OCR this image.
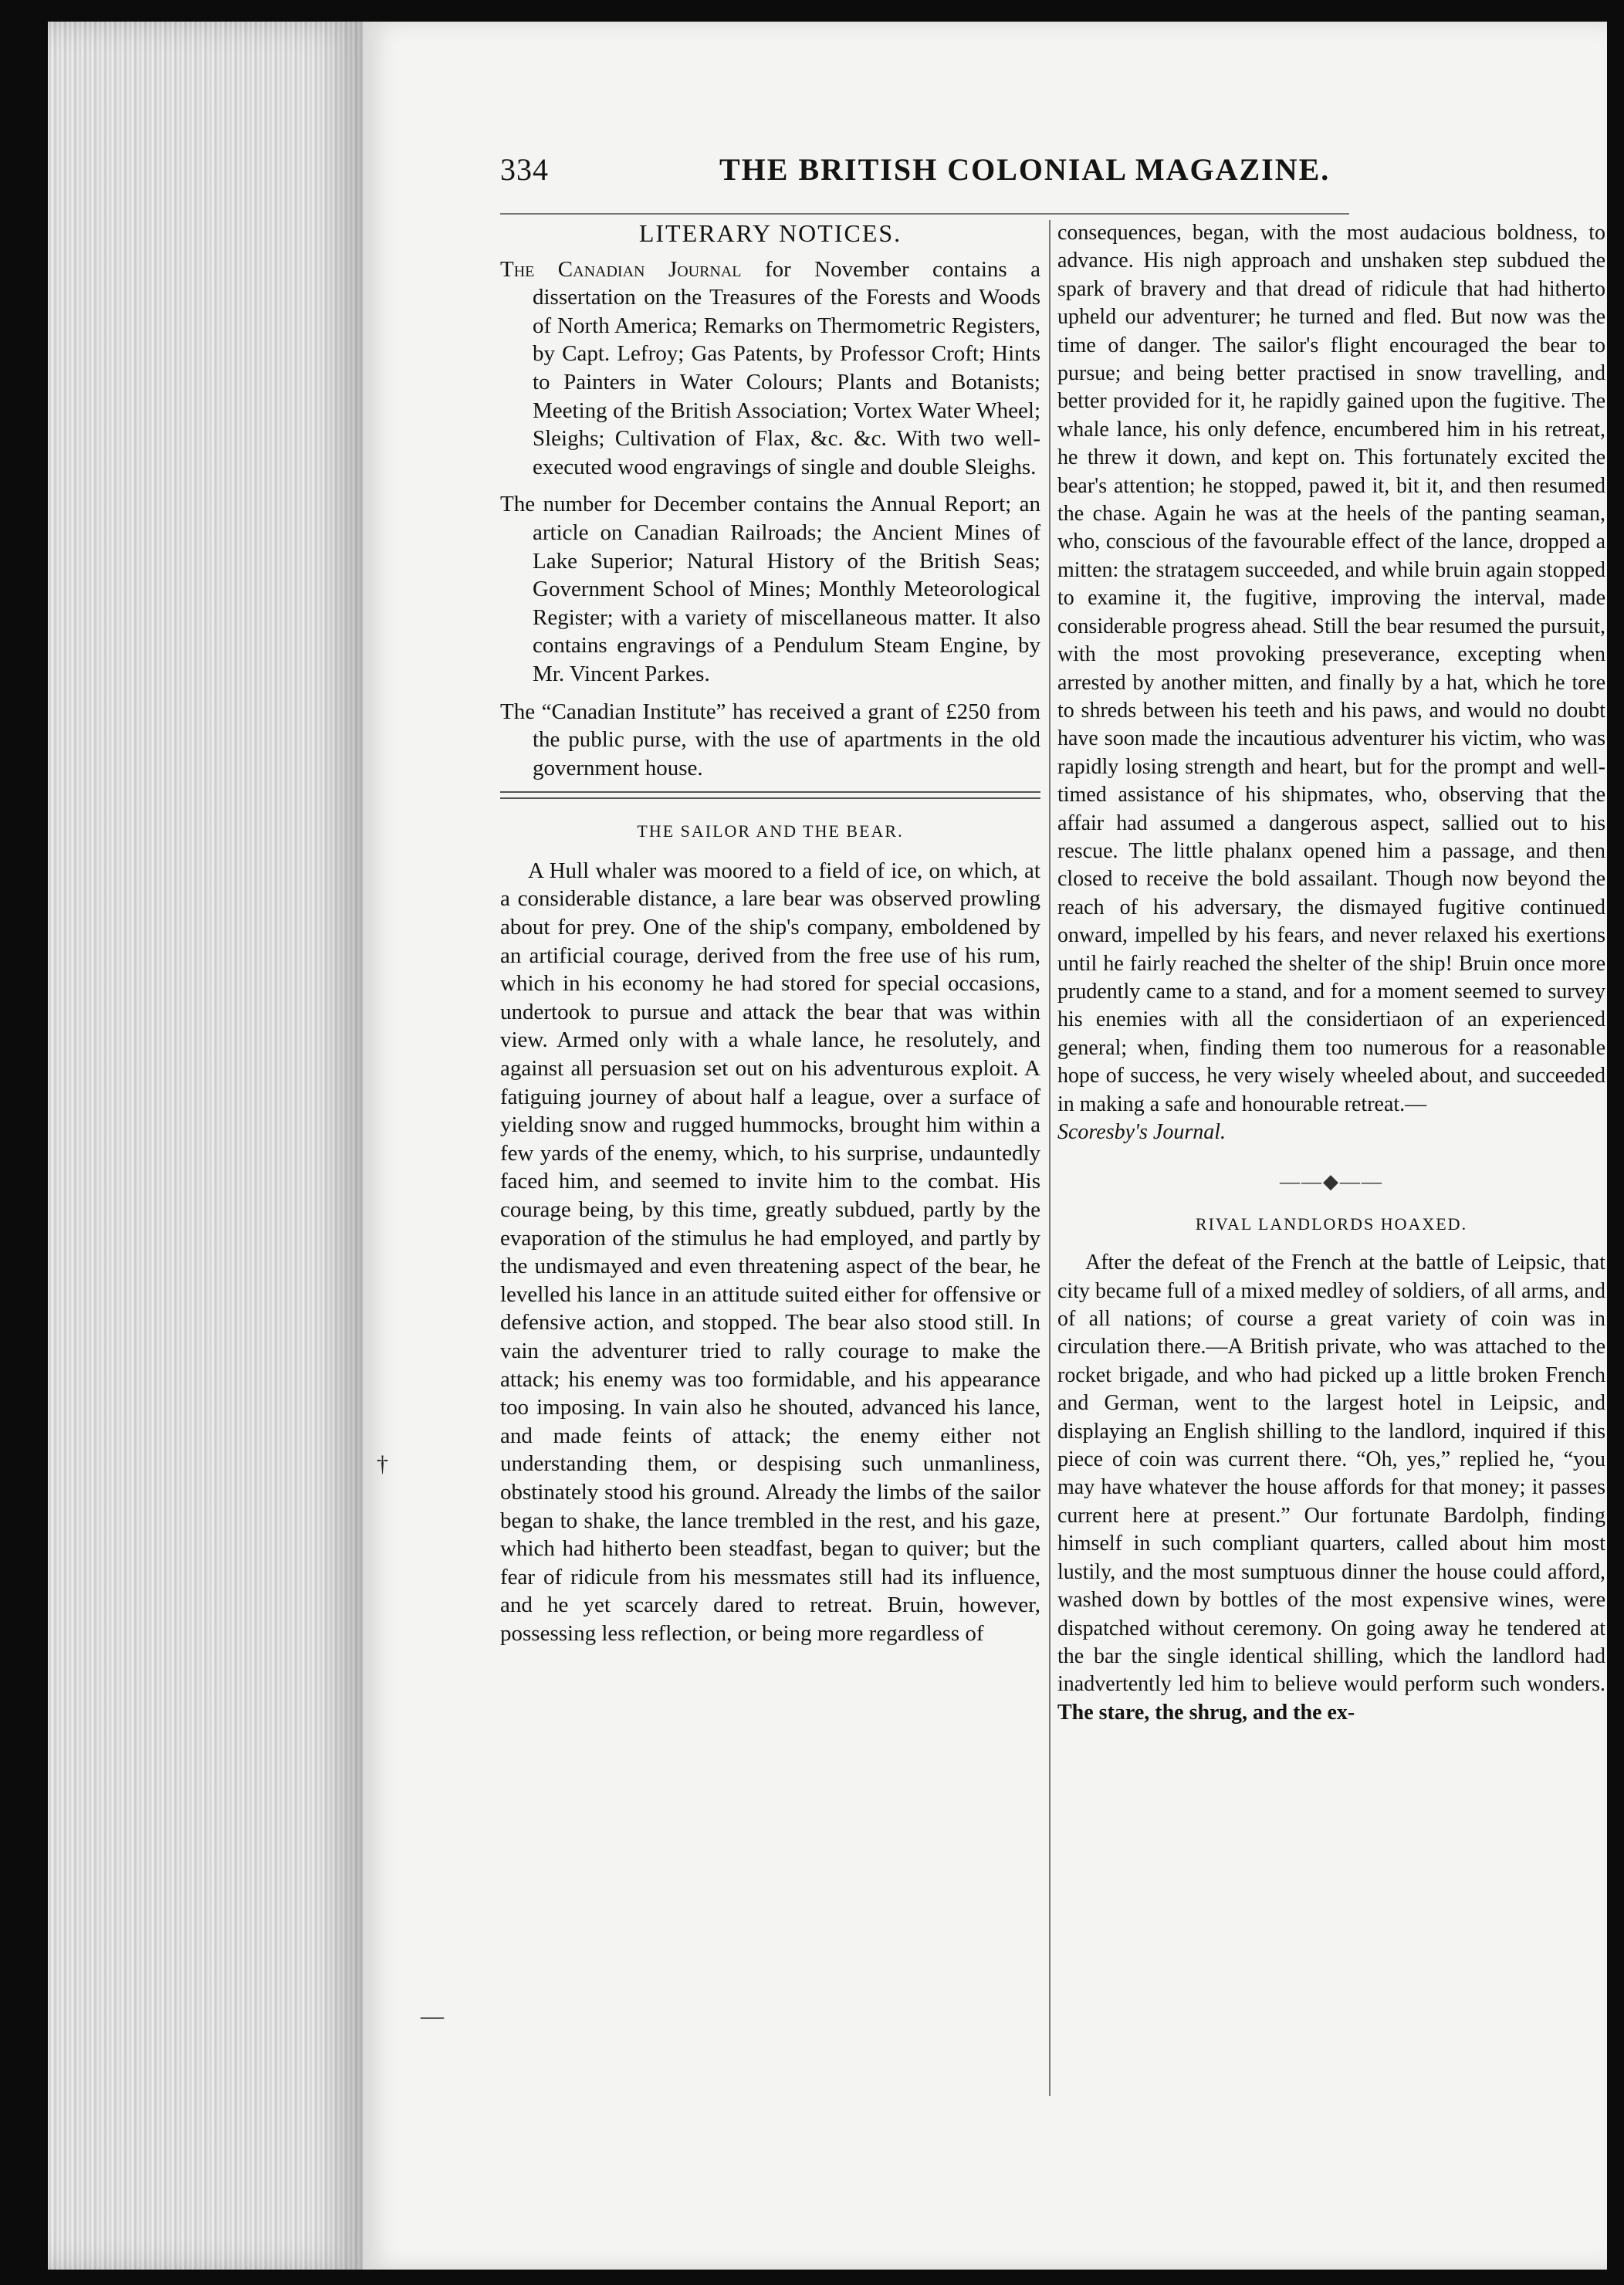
334	THE BRITISH COLONIAL MAGAZINE.
LITERARY NOTICES.
The Canadian Journal for November contains a dissertation on the Treasures of the Forests and Woods of North America; Remarks on Thermometric Registers, by Capt. Lefroy; Gas Patents, by Professor Croft; Hints to Painters in Water Colours; Plants and Botanists; Meeting of the British Association; Vortex Water Wheel; Sleighs; Cultivation of Flax, &c. &c. With two well-executed wood engravings of single and double Sleighs.
The number for December contains the Annual Report; an article on Canadian Railroads; the Ancient Mines of Lake Superior; Natural History of the British Seas; Government School of Mines; Monthly Meteorological Register; with a variety of miscellaneous matter. It also contains engravings of a Pendulum Steam Engine, by Mr. Vincent Parkes.
The “Canadian Institute” has received a grant of £250 from the public purse, with the use of apartments in the old government house.
THE SAILOR AND THE BEAR.

A Hull whaler was moored to a field of ice, on which, at a considerable distance, a lare bear was observed prowling about for prey. One of the ship's company, emboldened by an artificial courage, derived from the free use of his rum, which in his economy he had stored for special occasions, undertook to pursue and attack the bear that was within view. Armed only with a whale lance, he resolutely, and against all persuasion set out on his adventurous exploit. A fatiguing journey of about half a league, over a surface of yielding snow and rugged hummocks, brought him within a few yards of the enemy, which, to his surprise, undauntedly faced him, and seemed to invite him to the combat. His courage being, by this time, greatly subdued, partly by the evaporation of the stimulus he had employed, and partly by the undismayed and even threatening aspect of the bear, he levelled his lance in an attitude suited either for offensive or defensive action, and stopped. The bear also stood still. In vain the adventurer tried to rally courage to make the attack; his enemy was too formidable, and his appearance too imposing. In vain also he shouted, advanced his lance, and made feints of attack; the enemy either not understanding them, or despising such unmanliness, obstinately stood his ground. Already the limbs of the sailor began to shake, the lance trembled in the rest, and his gaze, which had hitherto been steadfast, began to quiver; but the fear of ridicule from his messmates still had its influence, and he yet scarcely dared to retreat. Bruin, however, possessing less reflection, or being more regardless of

consequences, began, with the most audacious boldness, to advance. His nigh approach and unshaken step subdued the spark of bravery and that dread of ridicule that had hitherto upheld our adventurer; he turned and fled. But now was the time of danger. The sailor's flight encouraged the bear to pursue; and being better practised in snow travelling, and better provided for it, he rapidly gained upon the fugitive. The whale lance, his only defence, encumbered him in his retreat, he threw it down, and kept on. This fortunately excited the bear's attention; he stopped, pawed it, bit it, and then resumed the chase. Again he was at the heels of the panting seaman, who, conscious of the favourable effect of the lance, dropped a mitten: the stratagem succeeded, and while bruin again stopped to examine it, the fugitive, improving the interval, made considerable progress ahead. Still the bear resumed the pursuit, with the most provoking preseverance, excepting when arrested by another mitten, and finally by a hat, which he tore to shreds between his teeth and his paws, and would no doubt have soon made the incautious adventurer his victim, who was rapidly losing strength and heart, but for the prompt and well-timed assistance of his shipmates, who, observing that the affair had assumed a dangerous aspect, sallied out to his rescue. The little phalanx opened him a passage, and then closed to receive the bold assailant. Though now beyond the reach of his adversary, the dismayed fugitive continued onward, impelled by his fears, and never relaxed his exertions until he fairly reached the shelter of the ship! Bruin once more prudently came to a stand, and for a moment seemed to survey his enemies with all the considertiaon of an experienced general; when, finding them too numerous for a reasonable hope of success, he very wisely wheeled about, and succeeded in making a safe and honourable retreat.—
Scoresby's Journal.

——◆——
RIVAL LANDLORDS HOAXED.

After the defeat of the French at the battle of Leipsic, that city became full of a mixed medley of soldiers, of all arms, and of all nations; of course a great variety of coin was in circulation there.—A British private, who was attached to the rocket brigade, and who had picked up a little broken French and German, went to the largest hotel in Leipsic, and displaying an English shilling to the landlord, inquired if this piece of coin was current there. “Oh, yes,” replied he, “you may have whatever the house affords for that money; it passes current here at present.” Our fortunate Bardolph, finding himself in such compliant quarters, called about him most lustily, and the most sumptuous dinner the house could afford, washed down by bottles of the most expensive wines, were dispatched without ceremony. On going away he tendered at the bar the single identical shilling, which the landlord had inadvertently led him to believe would perform such wonders. The stare, the shrug, and the ex-

†
—
